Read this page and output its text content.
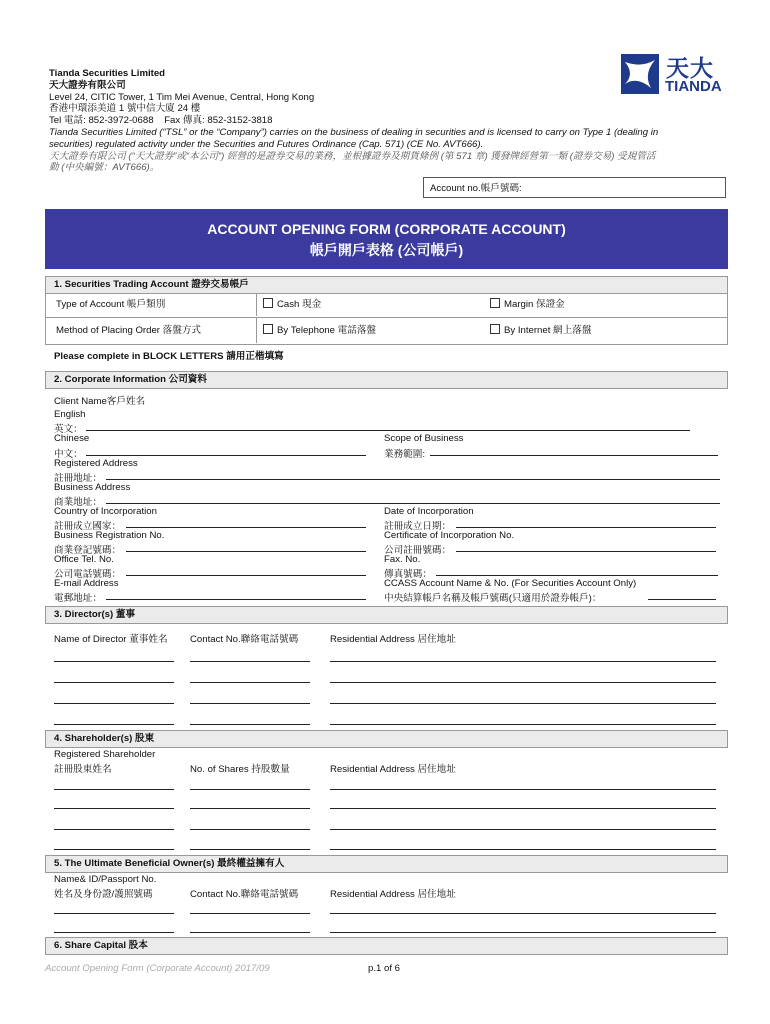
Tianda Securities Limited
天大證券有限公司
Level 24, CITIC Tower, 1 Tim Mei Avenue, Central, Hong Kong
香港中環添美道 1 號中信大廈 24 樓
Tel 電話: 852-3972-0688    Fax 傳真: 852-3152-3818
Tianda Securities Limited (“TSL” or the “Company”) carries on the business of dealing in securities and is licensed to carry on Type 1 (dealing in
securities) regulated activity under the Securities and Futures Ordinance (Cap. 571) (CE No. AVT666).
天大證券有限公司 (“天大證券”或“本公司”) 經營的是證券交易的業務，並根據證券及期貨條例 (第 571 章) 獲發牌經營第一類 (證券交易) 受規管活
動 (中央編號：AVT666)。
天大
TIANDA
Account no.帳戶號碼:
ACCOUNT OPENING FORM (CORPORATE ACCOUNT)
帳戶開戶表格 (公司帳戶)
1. Securities Trading Account 證券交易帳戶
Type of Account 帳戶類別	Cash 現金	Margin 保證金
Method of Placing Order 落盤方式	By Telephone 電話落盤	By Internet 網上落盤
Please complete in BLOCK LETTERS 請用正楷填寫
2. Corporate Information 公司資料
Client Name客戶姓名
English
英文：
Chinese
中文：
Scope of Business
業務範圍:
Registered Address
註冊地址：
Business Address
商業地址：
Country of Incorporation
註冊成立國家：
Date of Incorporation
註冊成立日期：
Business Registration No.
商業登記號碼：
Certificate of Incorporation No.
公司註冊號碼：
Office Tel. No.
公司電話號碼：
Fax. No.
傳真號碼：
E-mail Address
電郵地址：
CCASS Account Name & No. (For Securities Account Only)
中央結算帳戶名稱及帳戶號碼(只適用於證券帳戶)：
3. Director(s) 董事
Name of Director 董事姓名 Contact No.聯絡電話號碼	Residential Address 居住地址
4. Shareholder(s) 股東
Registered Shareholder
註冊股東姓名	No. of Shares 持股數量	Residential Address 居住地址
5. The Ultimate Beneficial Owner(s) 最終權益擁有人
Name& ID/Passport No.
姓名及身份證/護照號碼	Contact No.聯絡電話號碼	Residential Address 居住地址
6. Share Capital 股本
Account Opening Form (Corporate Account) 2017/09	p.1 of 6
